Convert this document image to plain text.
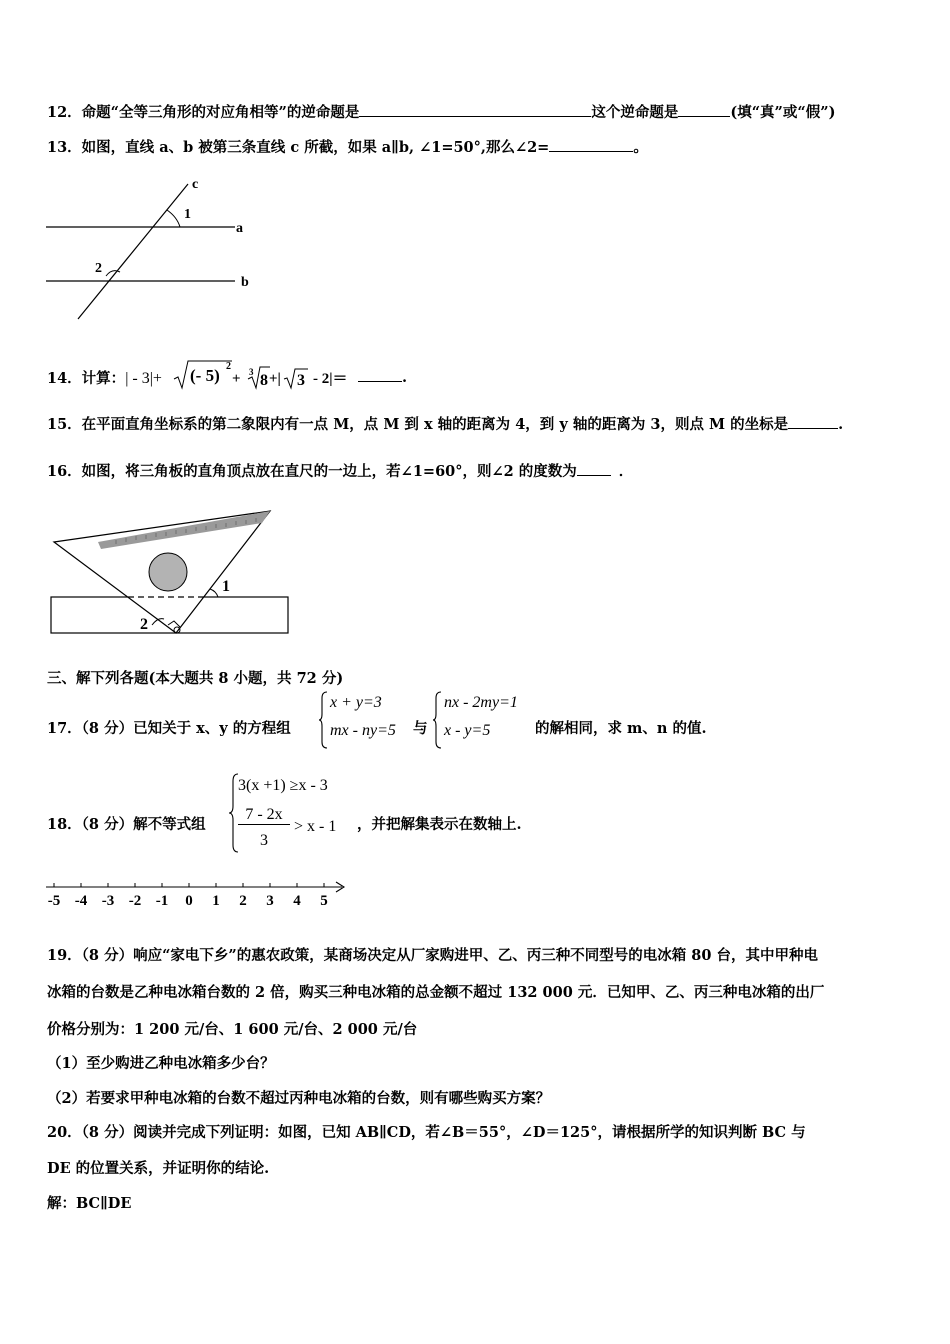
12．命题“全等三角形的对应角相等”的逆命题是	这个逆命题是	(填“真”或“假”)
13．如图，直线 a、b 被第三条直线 c 所截，如果 a∥b, ∠1=50°,那么∠2=	。
c
1
a
2
b
14．计算：| - 3|+ (- 5) 2
+ 3 8 +| 3 - 2|＝	.
15．在平面直角坐标系的第二象限内有一点 M，点 M 到 x 轴的距离为 4，到 y 轴的距离为 3，则点 M 的坐标是	.
16．如图，将三角板的直角顶点放在直尺的一边上，若∠1=60°，则∠2 的度数为	．
1
2
三、解下列各题(本大题共 8 小题，共 72 分)
17．（8 分）已知关于 x、y 的方程组
x + y=3
mx - ny=5 与
nx - 2my=1
x - y=5	的解相同，求 m、n 的值.
18．（8 分）解不等式组
3(x +1) ≥x - 3
7 - 2x
3
> x - 1 ，并把解集表示在数轴上.
-5 -4 -3 -2 -1 0 1 2 3 4 5
19．（8 分）响应“家电下乡”的惠农政策，某商场决定从厂家购进甲、乙、丙三种不同型号的电冰箱 80 台，其中甲种电
冰箱的台数是乙种电冰箱台数的 2 倍，购买三种电冰箱的总金额不超过 132 000 元．已知甲、乙、丙三种电冰箱的出厂
价格分别为：1 200 元/台、1 600 元/台、2 000 元/台
（1）至少购进乙种电冰箱多少台？
（2）若要求甲种电冰箱的台数不超过丙种电冰箱的台数，则有哪些购买方案？
20．（8 分）阅读并完成下列证明：如图，已知 AB∥CD，若∠B＝55°，∠D＝125°，请根据所学的知识判断 BC 与
DE 的位置关系，并证明你的结论.
解：BC∥DE
